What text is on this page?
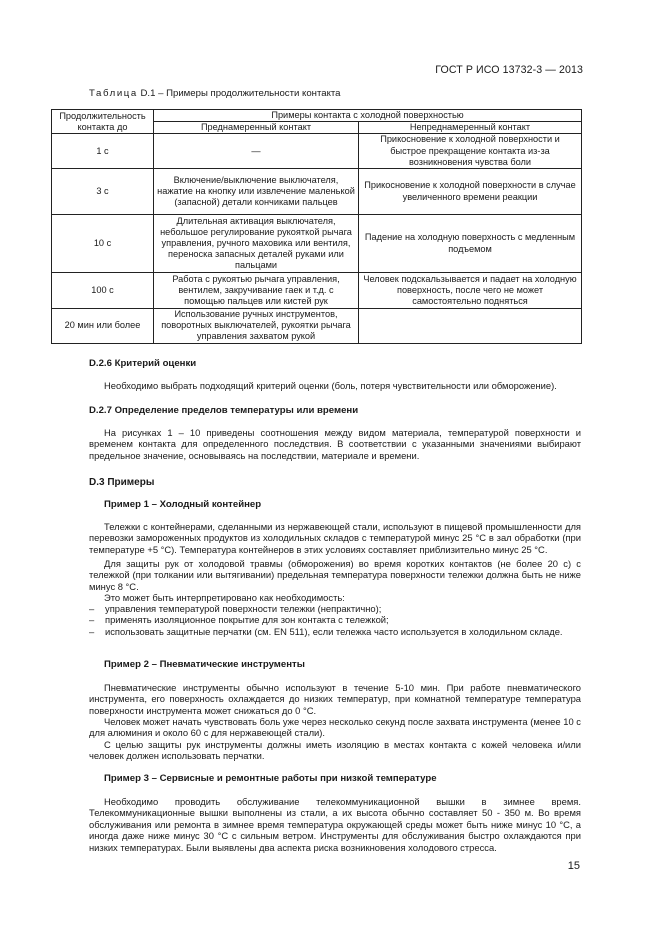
ГОСТ Р ИСО 13732-3 — 2013
Таблица D.1 – Примеры продолжительности контакта
Продолжительность контакта до	Примеры контакта с холодной поверхностью	
	Преднамеренный контакт	Непреднамеренный контакт
1 с	—	Прикосновение к холодной поверхности и быстрое прекращение контакта из-за возникновения чувства боли
3 с	Включение/выключение выключателя, нажатие на кнопку или извлечение маленькой (запасной) детали кончиками пальцев	Прикосновение к холодной поверхности в случае увеличенного времени реакции
10 с	Длительная активация выключателя, небольшое регулирование рукояткой рычага управления, ручного маховика или вентиля, переноска запасных деталей руками или пальцами	Падение на холодную поверхность с медленным подъемом
100 с	Работа с рукоятью рычага управления, вентилем, закручивание гаек и т.д. с помощью пальцев или кистей рук	Человек подскальзывается и падает на холодную поверхность, после чего не может самостоятельно подняться
20 мин или более	Использование ручных инструментов, поворотных выключателей, рукоятки рычага управления захватом рукой	
D.2.6 Критерий оценки
Необходимо выбрать подходящий критерий оценки (боль, потеря чувствительности или обморожение).
D.2.7 Определение пределов температуры или времени
На рисунках 1 – 10 приведены соотношения между видом материала, температурой поверхности и временем контакта для определенного последствия. В соответствии с указанными значениями выбирают предельное значение, основываясь на последствии, материале и времени.
D.3 Примеры
Пример 1 – Холодный контейнер
Тележки с контейнерами, сделанными из нержавеющей стали, используют в пищевой промышленности для перевозки замороженных продуктов из холодильных складов с температурой минус 25 °С в зал обработки (при температуре +5 °С). Температура контейнеров в этих условиях составляет приблизительно минус 25 °С.
Для защиты рук от холодовой травмы (обморожения) во время коротких контактов (не более 20 с) с тележкой (при толкании или вытягивании) предельная температура поверхности тележки должна быть не ниже минус 8 °С.
Это может быть интерпретировано как необходимость:
– управления температурой поверхности тележки (непрактично);
– применять изоляционное покрытие для зон контакта с тележкой;
– использовать защитные перчатки (см. EN 511), если тележка часто используется в холодильном складе.
Пример 2 – Пневматические инструменты
Пневматические инструменты обычно используют в течение 5-10 мин. При работе пневматического инструмента, его поверхность охлаждается до низких температур, при комнатной температуре температура поверхности инструмента может снижаться до 0 °С.
Человек может начать чувствовать боль уже через несколько секунд после захвата инструмента (менее 10 с для алюминия и около 60 с для нержавеющей стали).
С целью защиты рук инструменты должны иметь изоляцию в местах контакта с кожей человека и/или человек должен использовать перчатки.
Пример 3 – Сервисные и ремонтные работы при низкой температуре
Необходимо проводить обслуживание телекоммуникационной вышки в зимнее время. Телекоммуникационные вышки выполнены из стали, а их высота обычно составляет 50 - 350 м. Во время обслуживания или ремонта в зимнее время температура окружающей среды может быть ниже минус 10 °С, а иногда даже ниже минус 30 °С с сильным ветром. Инструменты для обслуживания быстро охлаждаются при низких температурах. Были выявлены два аспекта риска возникновения холодового стресса.
15
